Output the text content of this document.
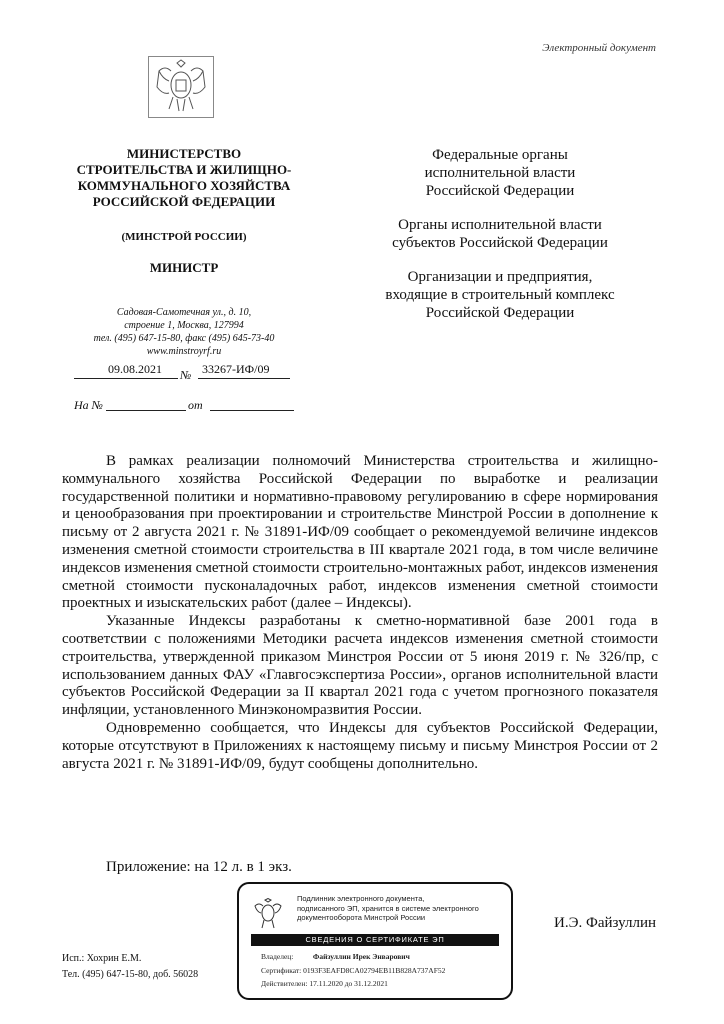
Электронный документ
МИНИСТЕРСТВО
СТРОИТЕЛЬСТВА И ЖИЛИЩНО-
КОММУНАЛЬНОГО ХОЗЯЙСТВА
РОССИЙСКОЙ ФЕДЕРАЦИИ
(МИНСТРОЙ РОССИИ)
МИНИСТР
Садовая-Самотечная ул., д. 10,
строение 1, Москва, 127994
тел. (495) 647-15-80, факс (495) 645-73-40
www.minstroyrf.ru
09.08.2021 № 33267-ИФ/09
На №	от
Федеральные органы
исполнительной власти
Российской Федерации
Органы исполнительной власти
субъектов Российской Федерации
Организации и предприятия,
входящие в строительный комплекс
Российской Федерации

В рамках реализации полномочий Министерства строительства и жилищно-коммунального хозяйства Российской Федерации по выработке и реализации государственной политики и нормативно-правовому регулированию в сфере нормирования и ценообразования при проектировании и строительстве Минстрой России в дополнение к письму от 2 августа 2021 г. № 31891-ИФ/09 сообщает о рекомендуемой величине индексов изменения сметной стоимости строительства в III квартале 2021 года, в том числе величине индексов изменения сметной стоимости строительно-монтажных работ, индексов изменения сметной стоимости пусконаладочных работ, индексов изменения сметной стоимости проектных и изыскательских работ (далее – Индексы).

Указанные Индексы разработаны к сметно-нормативной базе 2001 года в соответствии с положениями Методики расчета индексов изменения сметной стоимости строительства, утвержденной приказом Минстроя России от 5 июня 2019 г. № 326/пр, с использованием данных ФАУ «Главгосэкспертиза России», органов исполнительной власти субъектов Российской Федерации за II квартал 2021 года с учетом прогнозного показателя инфляции, установленного Минэкономразвития России.

Одновременно сообщается, что Индексы для субъектов Российской Федерации, которые отсутствуют в Приложениях к настоящему письму и письму Минстроя России от 2 августа 2021 г. № 31891-ИФ/09, будут сообщены дополнительно.

Приложение: на 12 л. в 1 экз.
Подлинник электронного документа,
подписанного ЭП, хранится в системе электронного
документооборота Минстрой России
СВЕДЕНИЯ О СЕРТИФИКАТЕ ЭП
Владелец:	Файзуллин Ирек Энварович
Сертификат: 0193F3EAFD8CA02794EB11B828A737AF52
Действителен: 17.11.2020 до 31.12.2021
И.Э. Файзуллин
Исп.: Хохрин Е.М.
Тел. (495) 647-15-80, доб. 56028
